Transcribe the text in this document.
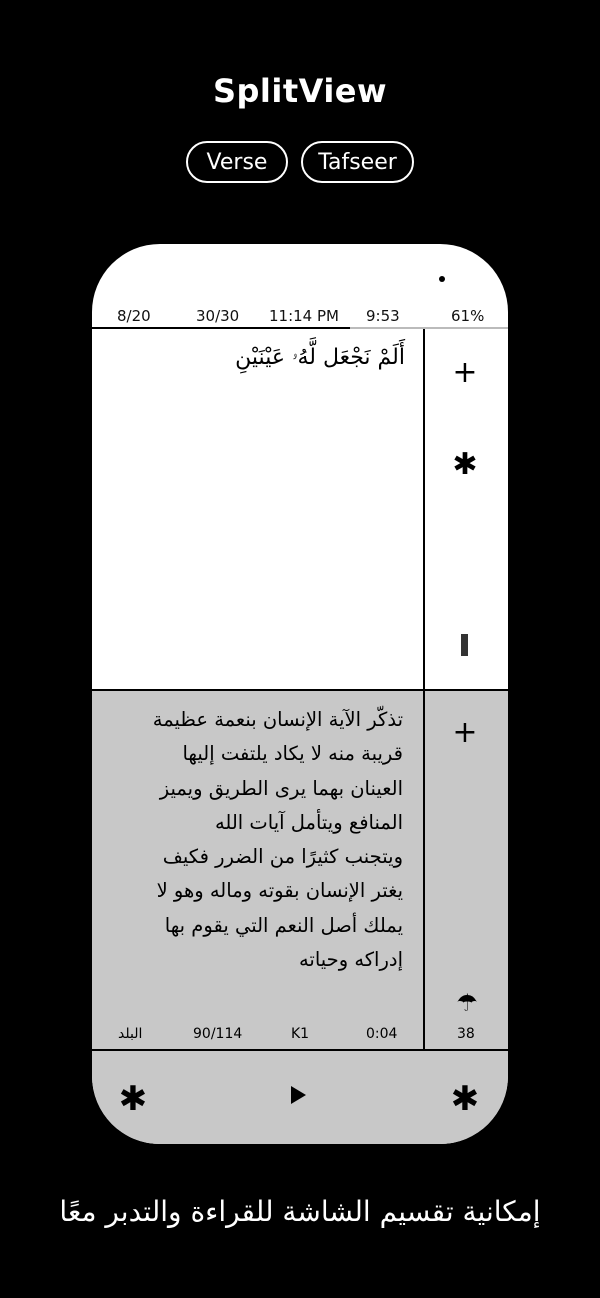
SplitView
Verse	Tafseer
8/20	30/30 11:14 PM 9:53	61%
أَلَمْ نَجْعَل لَّهُۥ عَيْنَيْنِ +
✱
تذكّر الآية الإنسان بنعمة عظيمة
قريبة منه لا يكاد يلتفت إليها
العينان بهما يرى الطريق ويميز
المنافع ويتأمل آيات الله
ويتجنب كثيرًا من الضرر فكيف
يغتر الإنسان بقوته وماله وهو لا
يملك أصل النعم التي يقوم بها
إدراكه وحياته
البلد	90/114	K1	0:04
+
☂
38
✱	✱
إمكانية تقسيم الشاشة للقراءة والتدبر معًا
